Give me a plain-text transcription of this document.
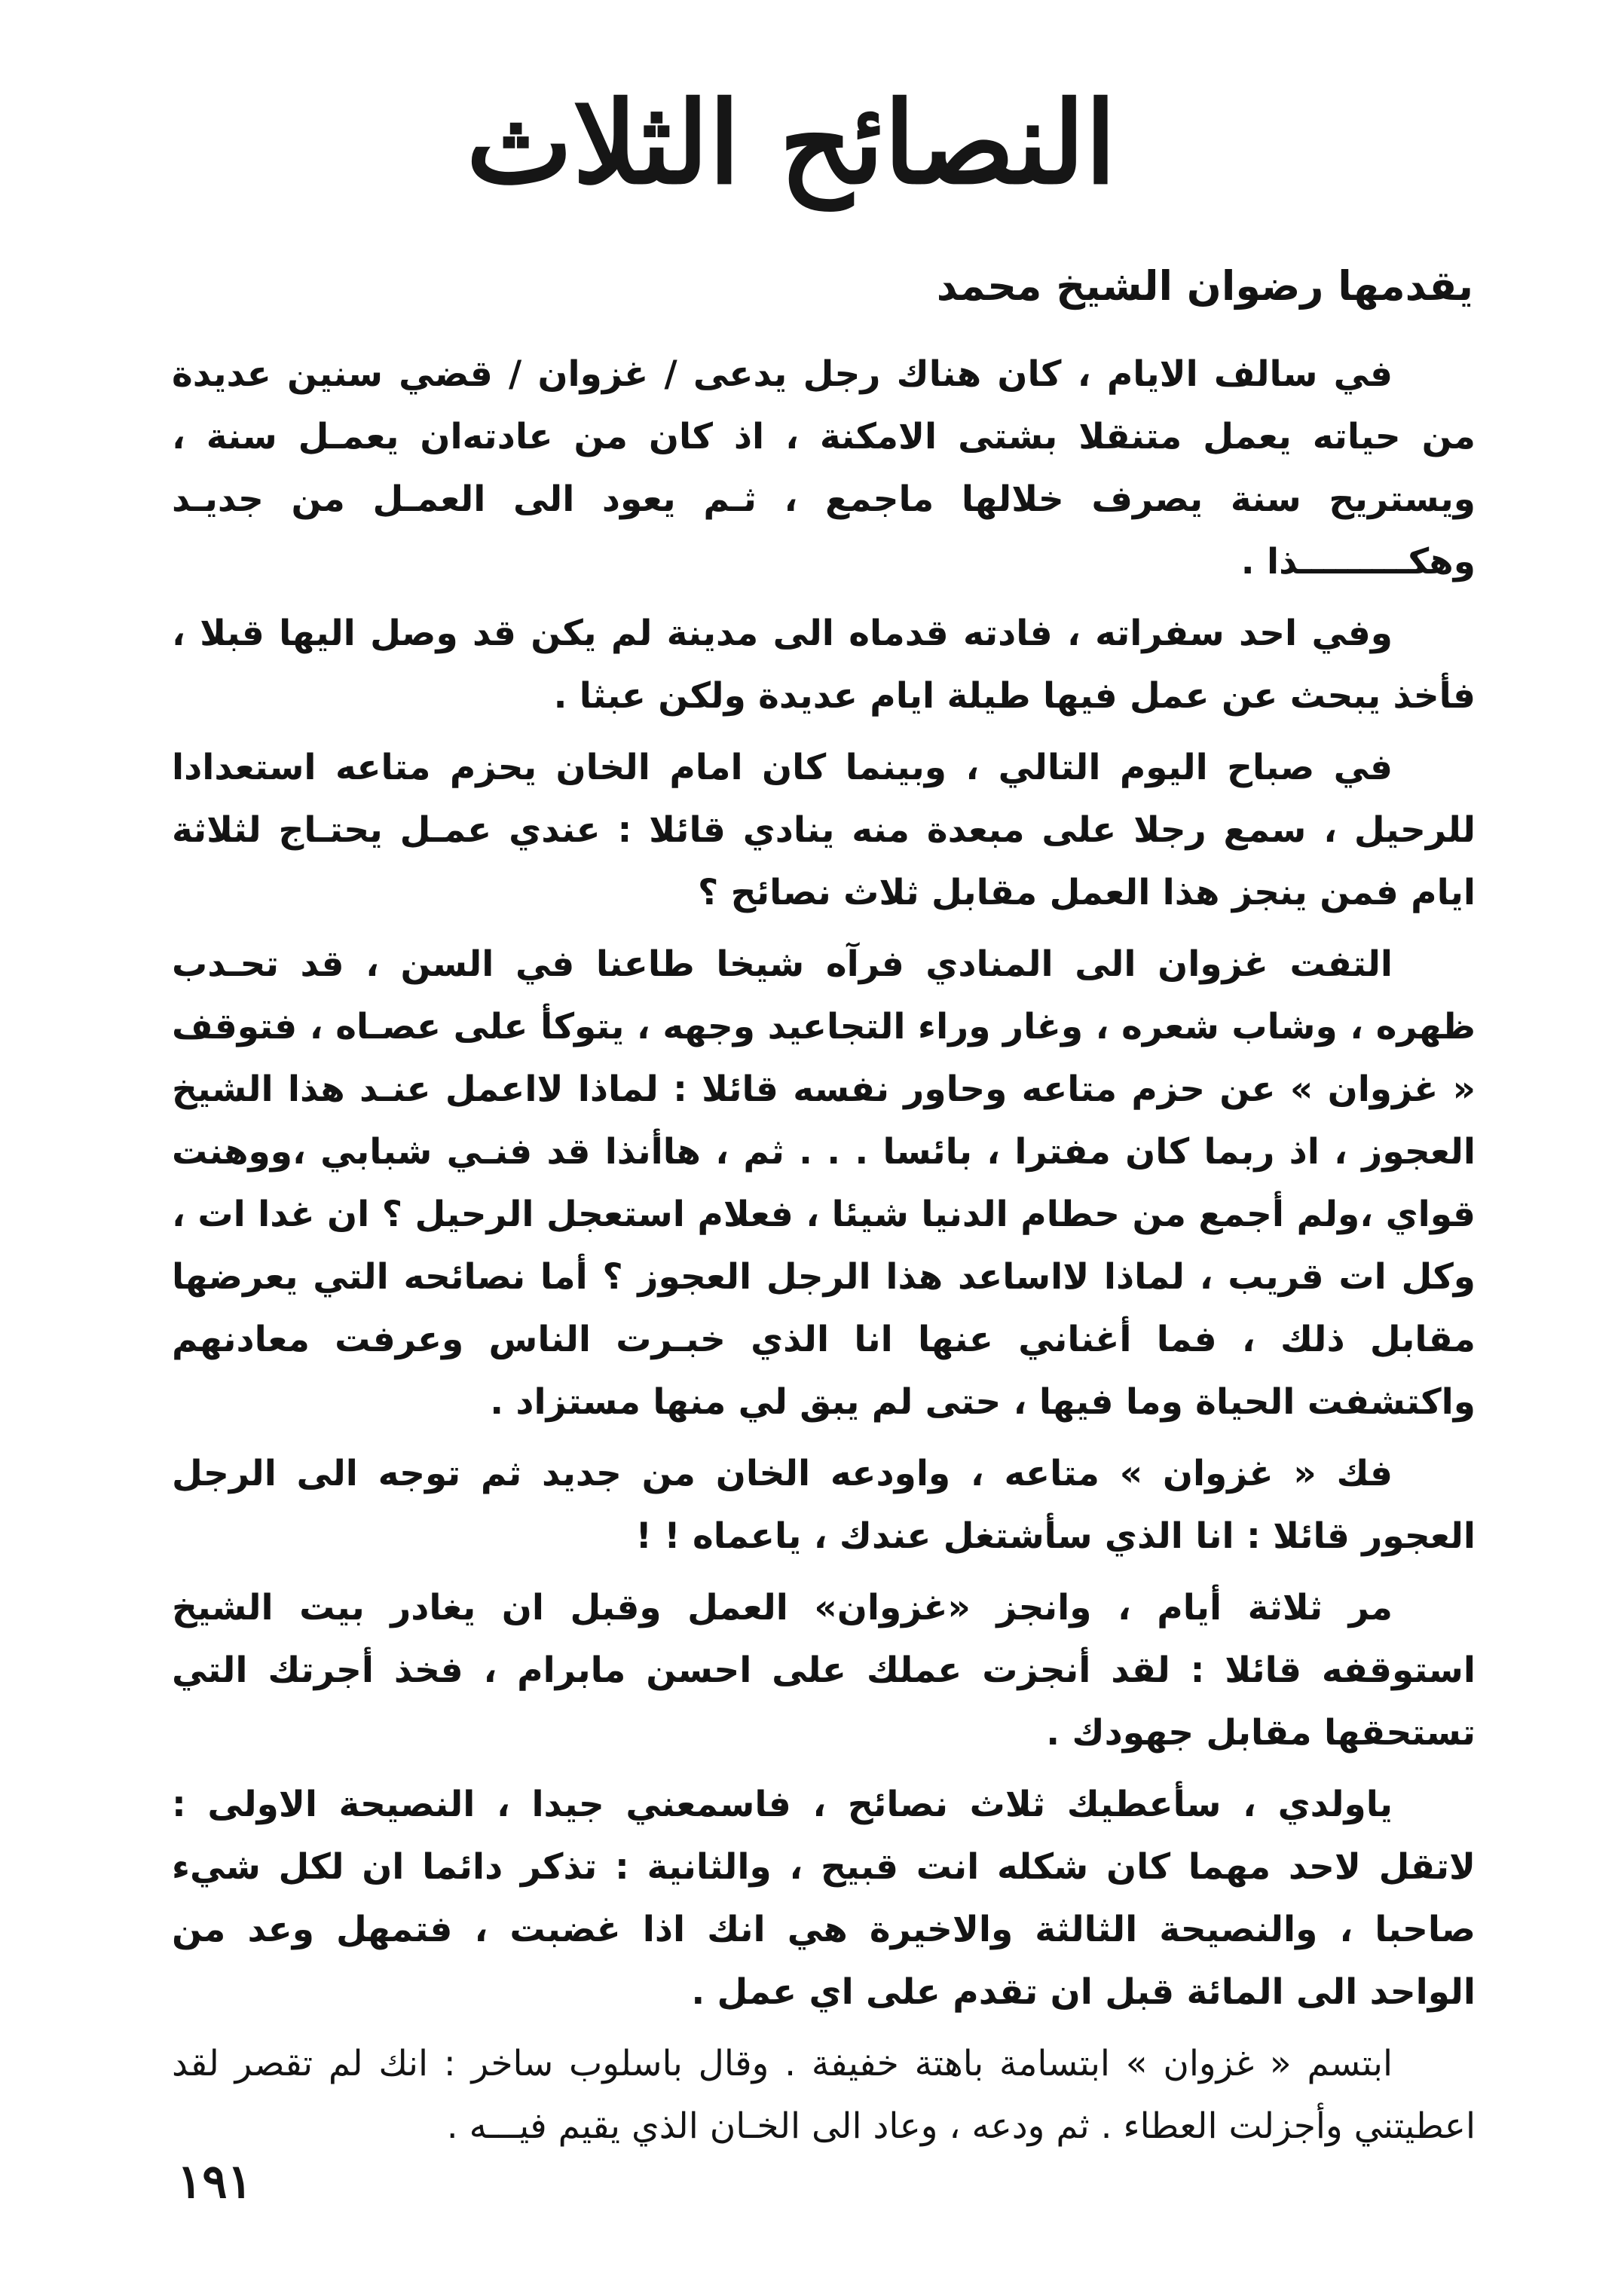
النصائح الثلاث
يقدمها رضوان الشيخ محمد

في سالف الايام ، كان هناك رجل يدعى / غزوان / قضي سنين عديدة من حياته يعمل متنقلا بشتى الامكنة ، اذ كان من عادته‌ان يعمـل سنة ، ويستريح سنة يصرف خلالها ماجمع ، ثـم يعود الى العمـل من جديـد وهكـــــــــذا .

وفي احد سفراته ، فادته قدماه الى مدينة لم يكن قد وصل اليها قبلا ، فأخذ يبحث عن عمل فيها طيلة ايام عديدة ولكن عبثا .

في صباح اليوم التالي ، وبينما كان امام الخان يحزم متاعه استعدادا للرحيل ، سمع رجلا على مبعدة منه ينادي قائلا : عندي عمـل يحتـاج لثلاثة ايام فمن ينجز هذا العمل مقابل ثلاث نصائح ؟

التفت غزوان الى المنادي فرآه شيخا طاعنا في السن ، قد تحـدب ظهره ، وشاب شعره ، وغار وراء التجاعيد وجهه ، يتوكأ على عصـاه ، فتوقف « غزوان » عن حزم متاعه وحاور نفسه قائلا : لماذا لااعمل عنـد هذا الشيخ العجوز ، اذ ربما كان مفترا ، بائسا . . . ثم ، هاأنذا قد فنـي شبابي ،ووهنت قواي ،ولم أجمع من حطام الدنيا شيئا ، فعلام استعجل الرحيل ؟ ان غدا ات ، وكل ات قريب ، لماذا لااساعد هذا الرجل العجوز ؟ أما نصائحه التي يعرضها مقابل ذلك ، فما أغناني عنها انا الذي خبـرت الناس وعرفت معادنهم واكتشفت الحياة وما فيها ، حتى لم يبق لي منها مستزاد .

فك « غزوان » متاعه ، واودعه الخان من جديد ثم توجه الى الرجل العجور قائلا : انا الذي سأشتغل عندك ، ياعماه ! !

مر ثلاثة أيام ، وانجز «غزوان» العمل وقبل ان يغادر بيت الشيخ استوقفه قائلا : لقد أنجزت عملك على احسن مابرام ، فخذ أجرتك التي تستحقها مقابل جهودك .

ياولدي ، سأعطيك ثلاث نصائح ، فاسمعني جيدا ، النصيحة الاولى : لاتقل لاحد مهما كان شكله انت قبيح ، والثانية : تذكر دائما ان لكل شيء صاحبا ، والنصيحة الثالثة والاخيرة هي انك اذا غضبت ، فتمهل وعد من الواحد الى المائة قبل ان تقدم على اي عمل .

ابتسم « غزوان » ابتسامة باهتة خفيفة . وقال باسلوب ساخر : انك لم تقصر لقد اعطيتني وأجزلت العطاء . ثم ودعه ، وعاد الى الخـان الذي يقيم فيـــه .

١٩١
